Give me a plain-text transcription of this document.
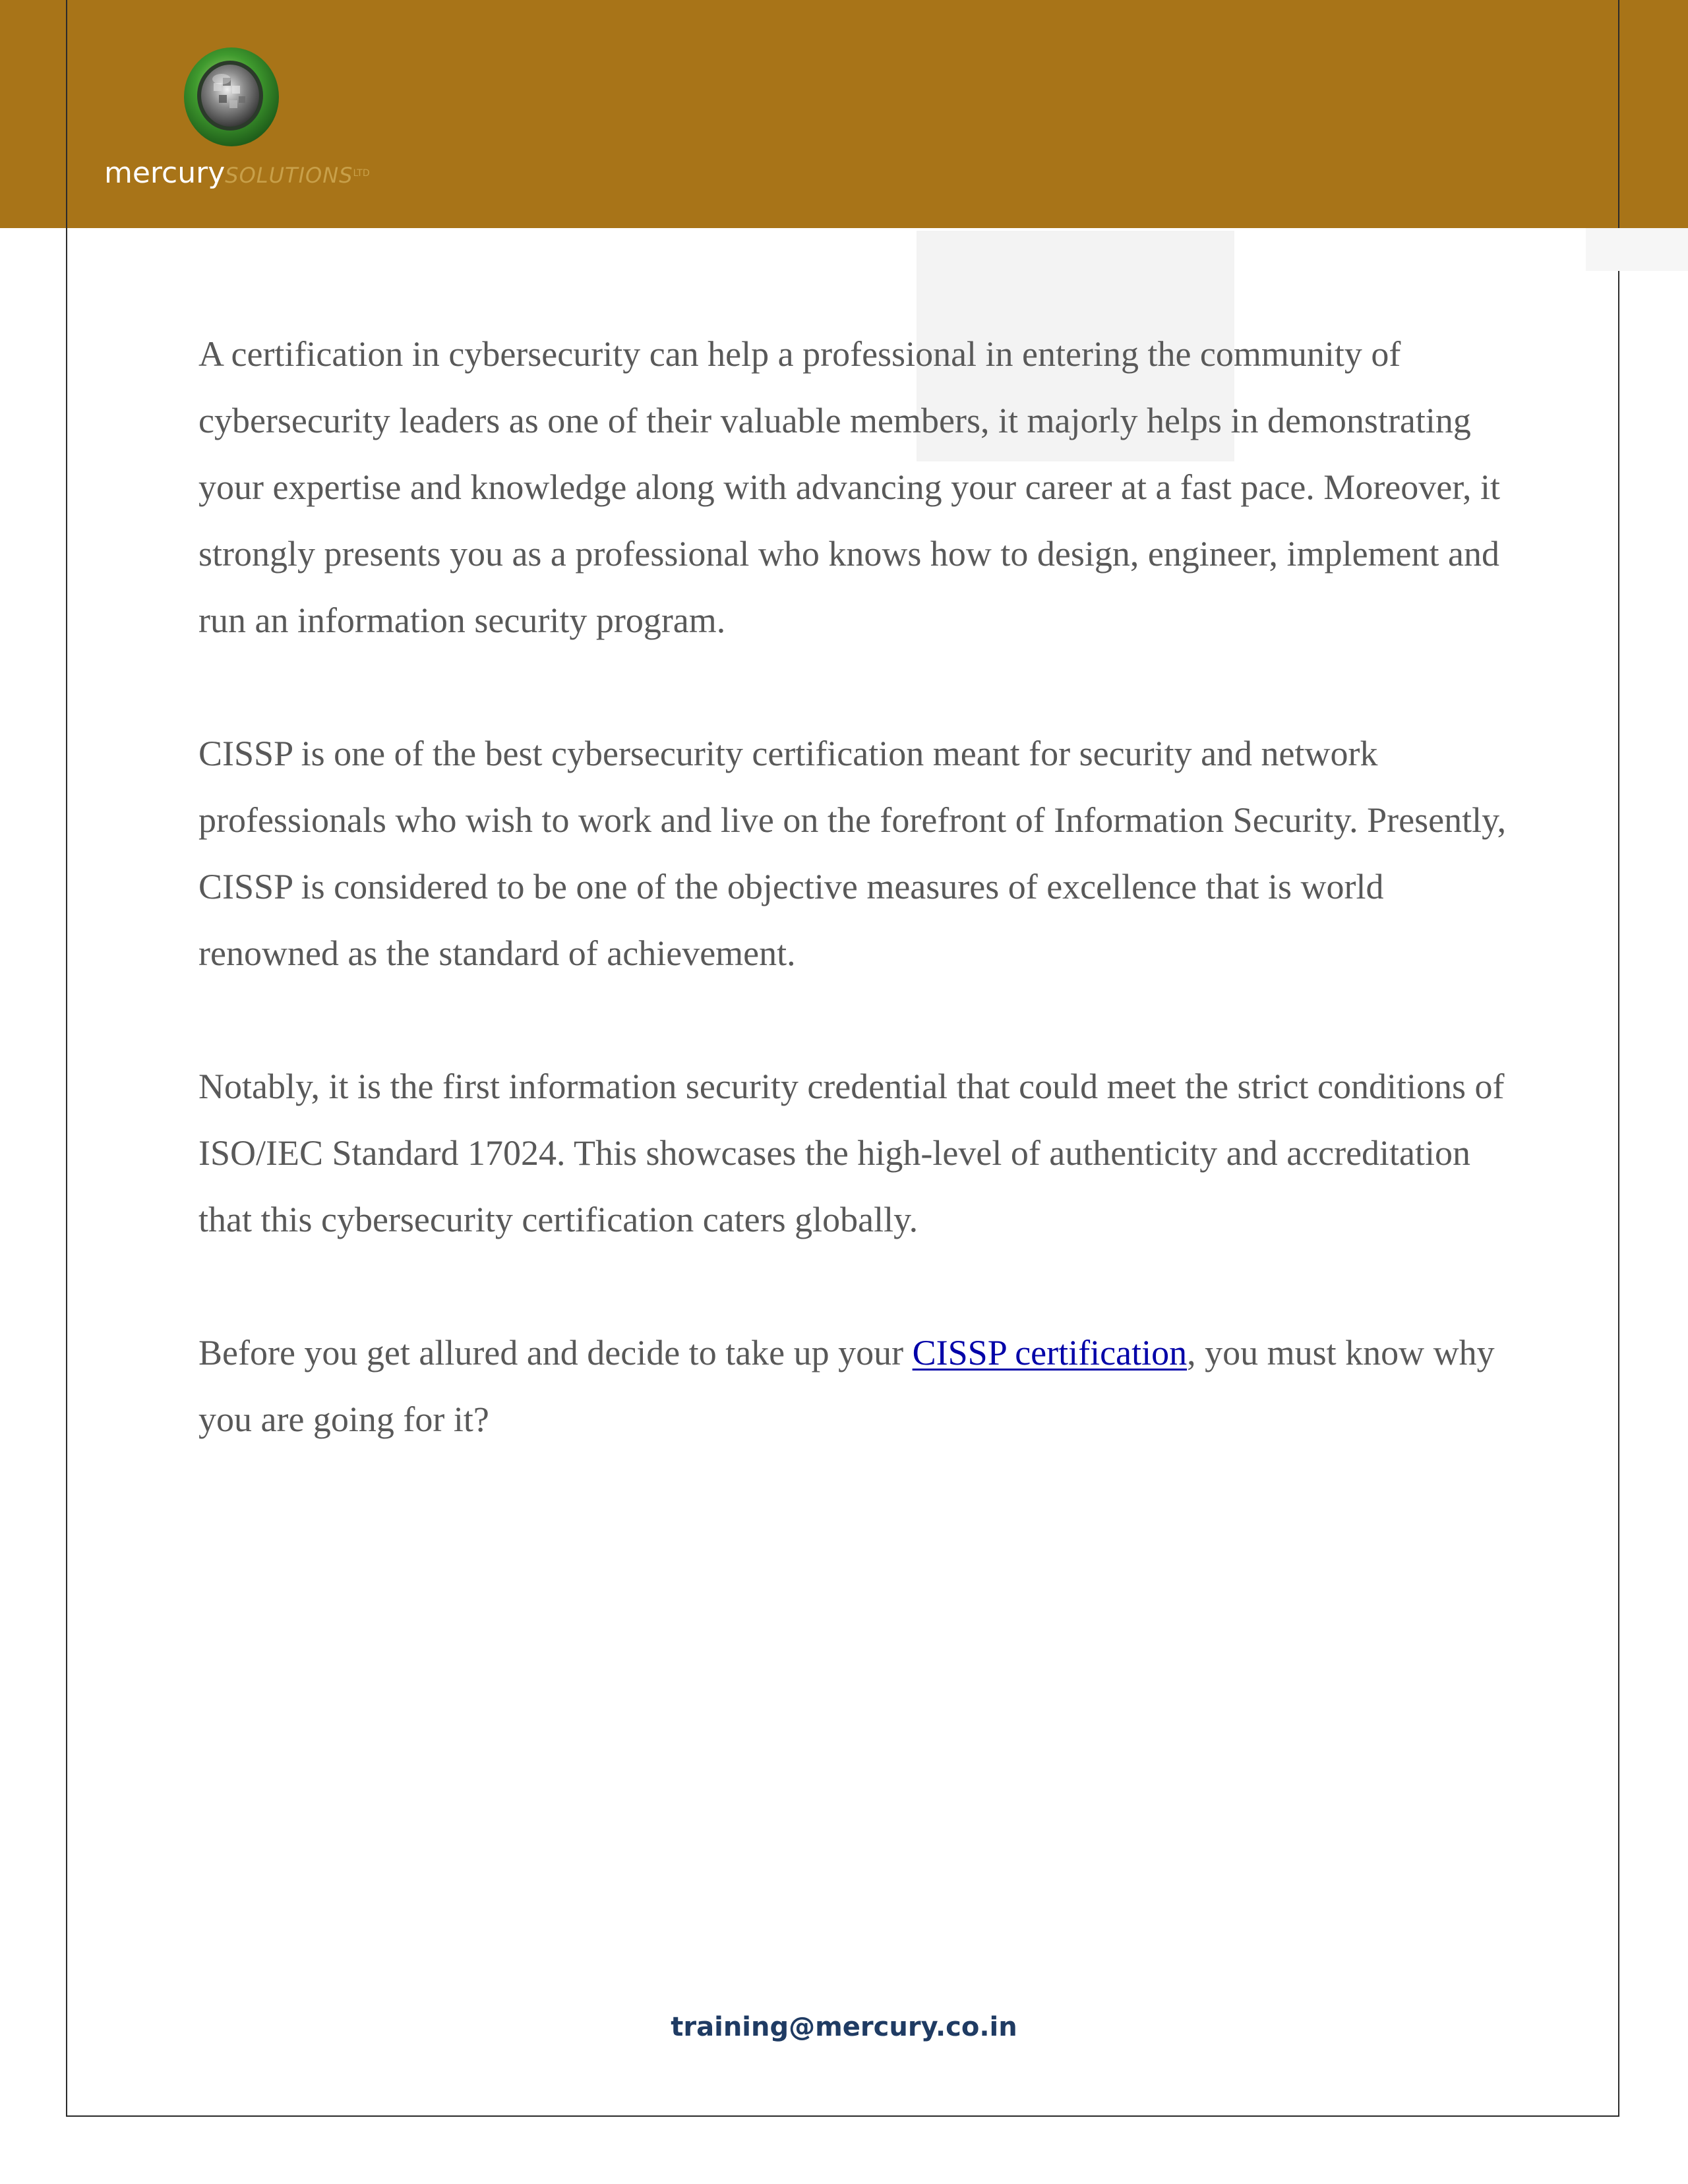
mercurySOLUTIONS$^{LTD}$

A certification in cybersecurity can help a professional in entering the community of cybersecurity leaders as one of their valuable members, it majorly helps in demonstrating your expertise and knowledge along with advancing your career at a fast pace. Moreover, it strongly presents you as a professional who knows how to design, engineer, implement and run an information security program.

CISSP is one of the best cybersecurity certification meant for security and network professionals who wish to work and live on the forefront of Information Security. Presently, CISSP is considered to be one of the objective measures of excellence that is world renowned as the standard of achievement.

Notably, it is the first information security credential that could meet the strict conditions of ISO/IEC Standard 17024. This showcases the high-level of authenticity and accreditation that this cybersecurity certification caters globally.

Before you get allured and decide to take up your CISSP certification, you must know why you are going for it?

training@mercury.co.in
